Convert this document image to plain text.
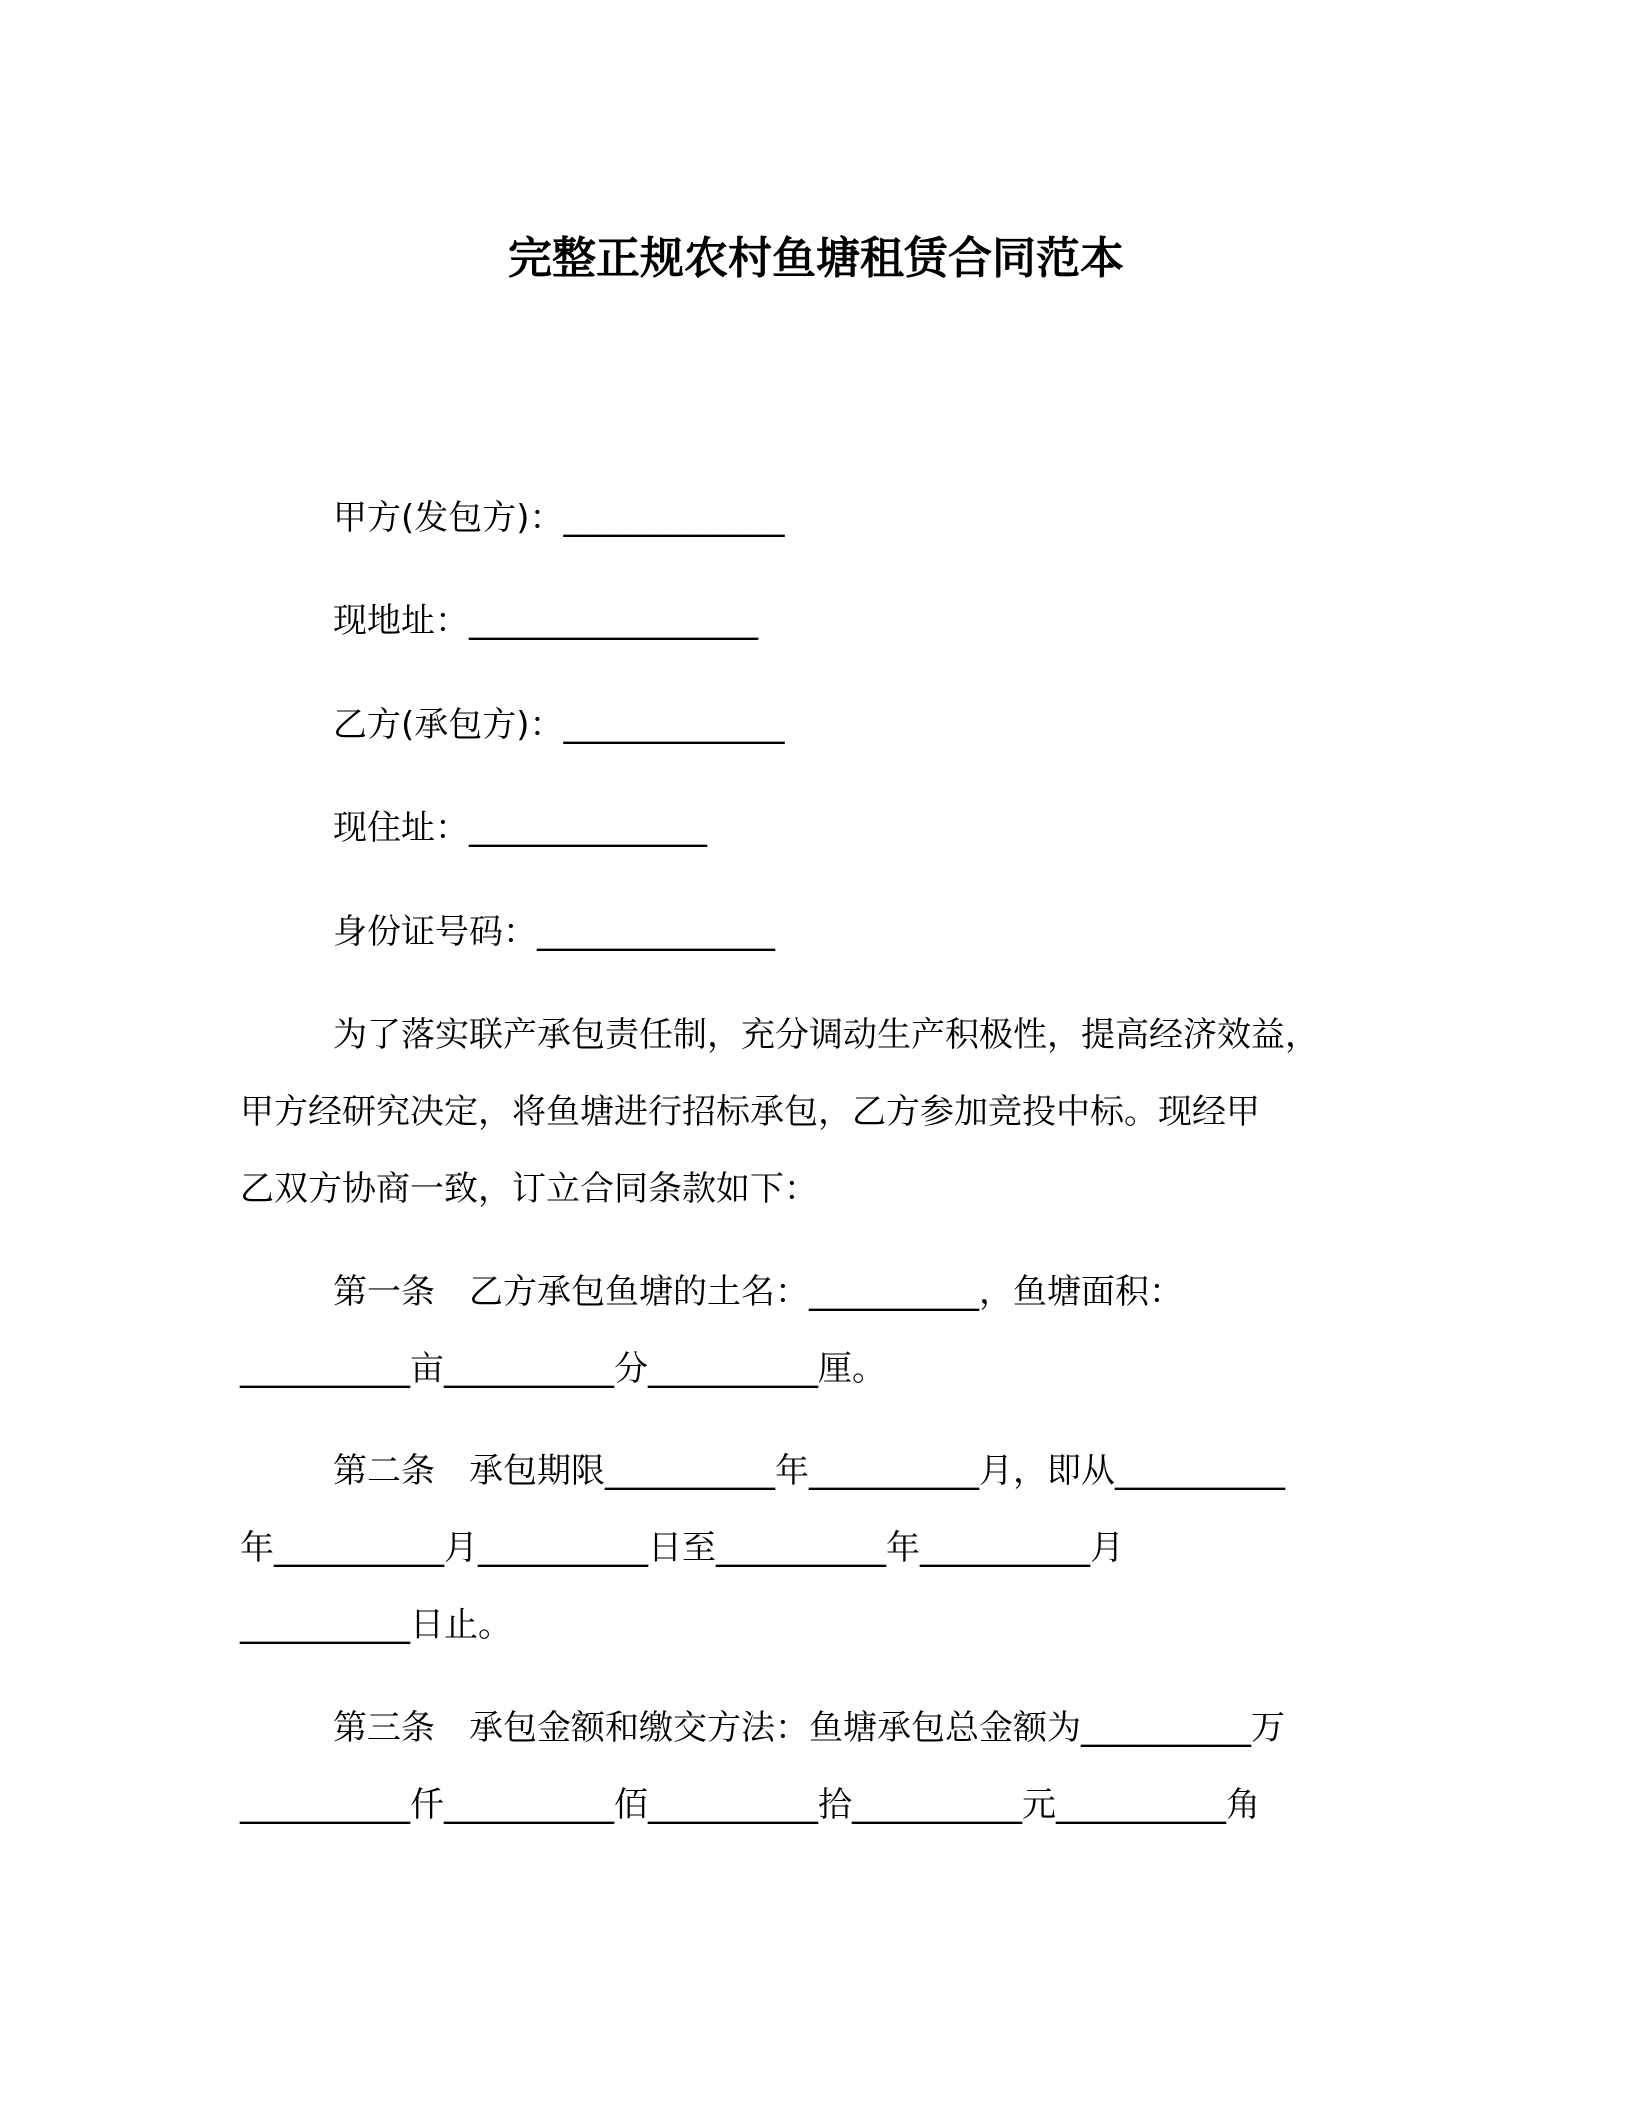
完整正规农村鱼塘租赁合同范本

甲方(发包方)：_____________

现地址：_________________

乙方(承包方)：_____________

现住址：______________

身份证号码：______________

为了落实联产承包责任制，充分调动生产积极性，提高经济效益，

甲方经研究决定，将鱼塘进行招标承包，乙方参加竞投中标。现经甲

乙双方协商一致，订立合同条款如下：

第一条　乙方承包鱼塘的土名：__________，鱼塘面积：

__________亩__________分__________厘。

第二条　承包期限__________年__________月，即从__________

年__________月__________日至__________年__________月

__________日止。

第三条　承包金额和缴交方法：鱼塘承包总金额为__________万

__________仟__________佰__________拾__________元__________角
